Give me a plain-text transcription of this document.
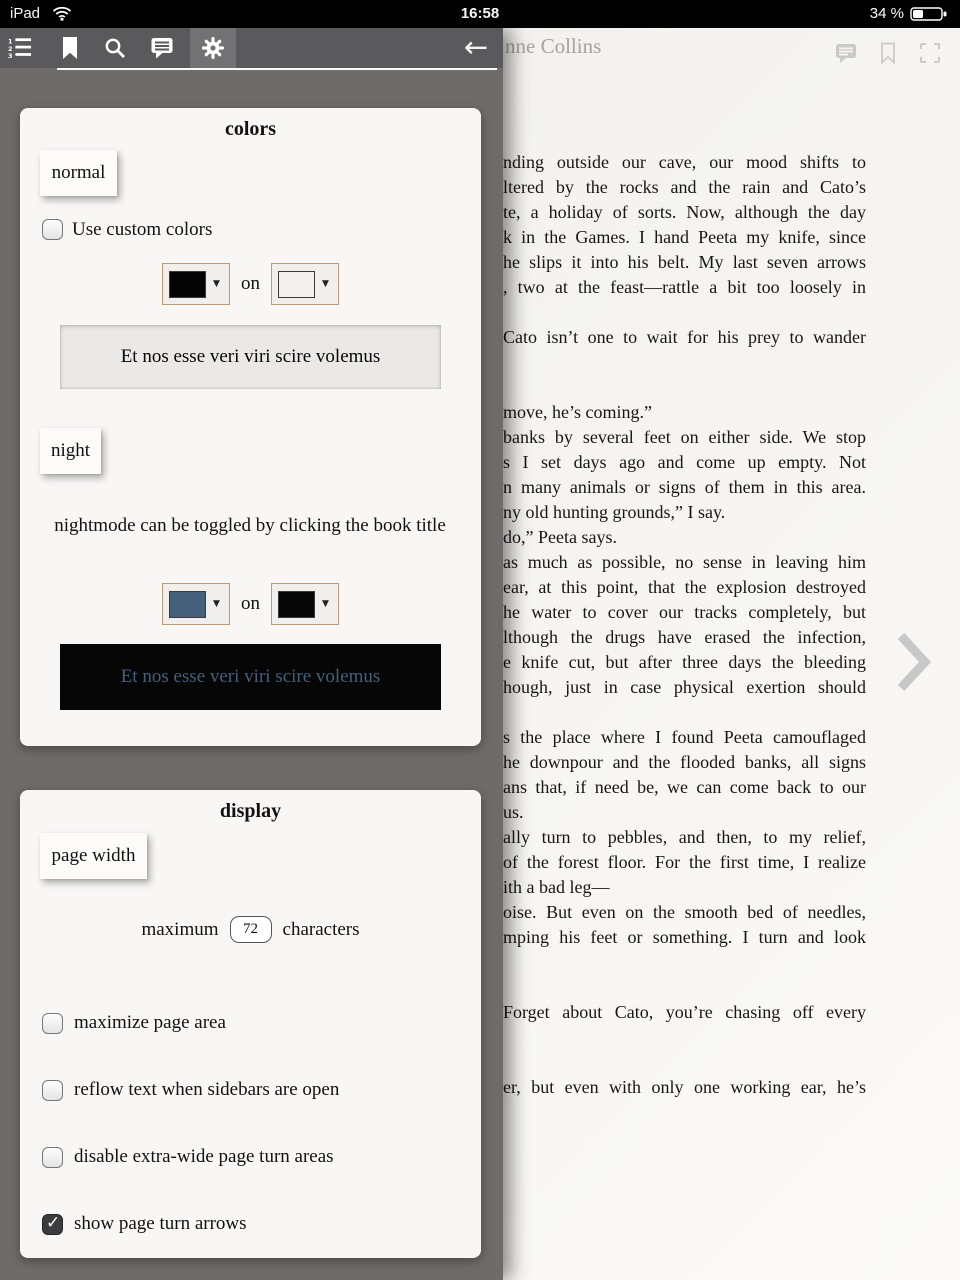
iPad	16:58	34 %
nne Collins
nding outside our cave, our mood shifts to
ltered by the rocks and the rain and Cato’s
te, a holiday of sorts. Now, although the day
k in the Games. I hand Peeta my knife, since
he slips it into his belt. My last seven arrows
, two at the feast—rattle a bit too loosely in
Cato isn’t one to wait for his prey to wander
move, he’s coming.”
banks by several feet on either side. We stop
s I set days ago and come up empty. Not
n many animals or signs of them in this area.
ny old hunting grounds,” I say.
do,” Peeta says.
as much as possible, no sense in leaving him
ear, at this point, that the explosion destroyed
he water to cover our tracks completely, but
lthough the drugs have erased the infection,
e knife cut, but after three days the bleeding
hough, just in case physical exertion should
s the place where I found Peeta camouflaged
he downpour and the flooded banks, all signs
ans that, if need be, we can come back to our
us.
ally turn to pebbles, and then, to my relief,
of the forest floor. For the first time, I realize
ith a bad leg—
oise. But even on the smooth bed of needles,
mping his feet or something. I turn and look
Forget about Cato, you’re chasing off every
er, but even with only one working ear, he’s
1
2
3	←
colors
normal
Use custom colors
▼ on	▼
Et nos esse veri viri scire volemus
night
nightmode can be toggled by clicking the book title
▼ on	▼
Et nos esse veri viri scire volemus
display
page width
maximum
72	characters
maximize page area
reflow text when sidebars are open
disable extra-wide page turn areas
✓ show page turn arrows
